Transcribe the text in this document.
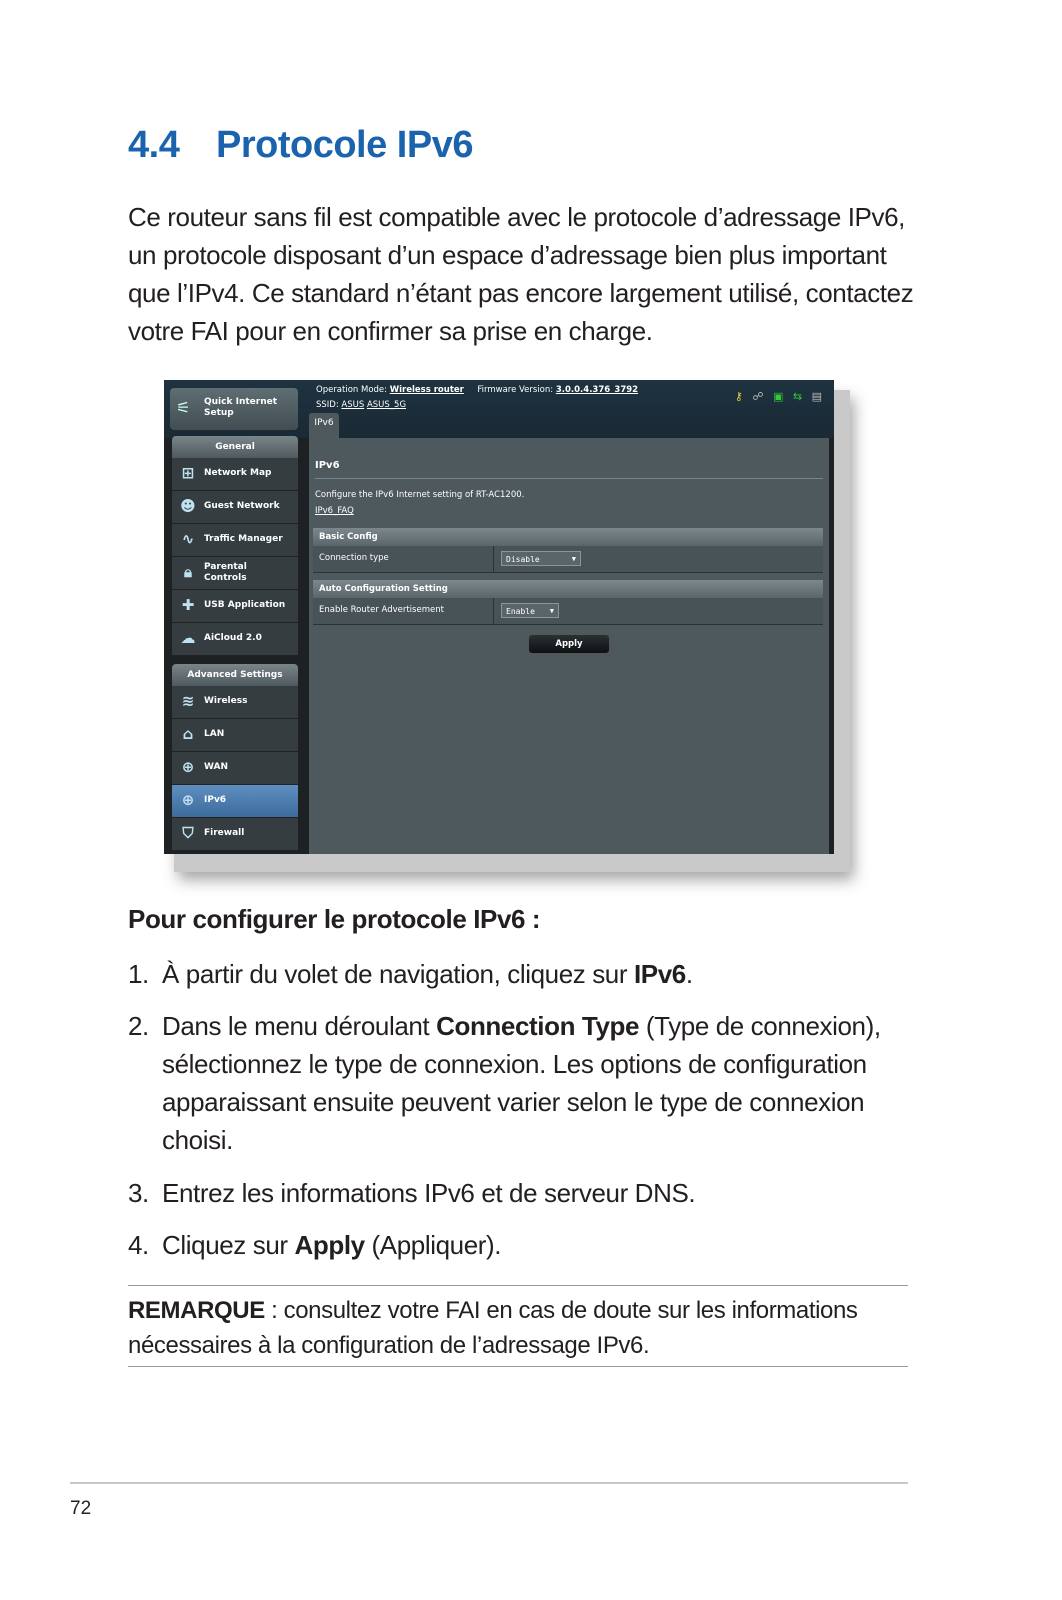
4.4 Protocole IPv6
Ce routeur sans fil est compatible avec le protocole d’adressage IPv6, un protocole disposant d’un espace d’adressage bien plus important que l’IPv4. Ce standard n’étant pas encore largement utilisé, contactez votre FAI pour en confirmer sa prise en charge.
Operation Mode: Wireless router Firmware Version: 3.0.0.4.376_3792
SSID: ASUS ASUS_5G
⚷ ☍ ▣ ⇆ ▤
IPv6
⚟ Quick Internet
Setup
General
⊞	Network Map
☻ Guest Network
∿	Traffic Manager
🔒︎	Parental
Controls
✚	USB Application
☁ AiCloud 2.0
Advanced Settings
≋	Wireless
⌂	LAN
⊕	WAN
⊕	IPv6
⛉	Firewall
IPv6
Configure the IPv6 Internet setting of RT-AC1200.
IPv6_FAQ
Basic Config
Connection type	Disable	▼
Auto Configuration Setting
Enable Router Advertisement	Enable ▼
Apply
Pour configurer le protocole IPv6 :
1. À partir du volet de navigation, cliquez sur IPv6.
2. Dans le menu déroulant Connection Type (Type de connexion), sélectionnez le type de connexion. Les options de configuration apparaissant ensuite peuvent varier selon le type de connexion choisi.
3. Entrez les informations IPv6 et de serveur DNS.
4. Cliquez sur Apply (Appliquer).
REMARQUE : consultez votre FAI en cas de doute sur les informations nécessaires à la configuration de l’adressage IPv6.
72
